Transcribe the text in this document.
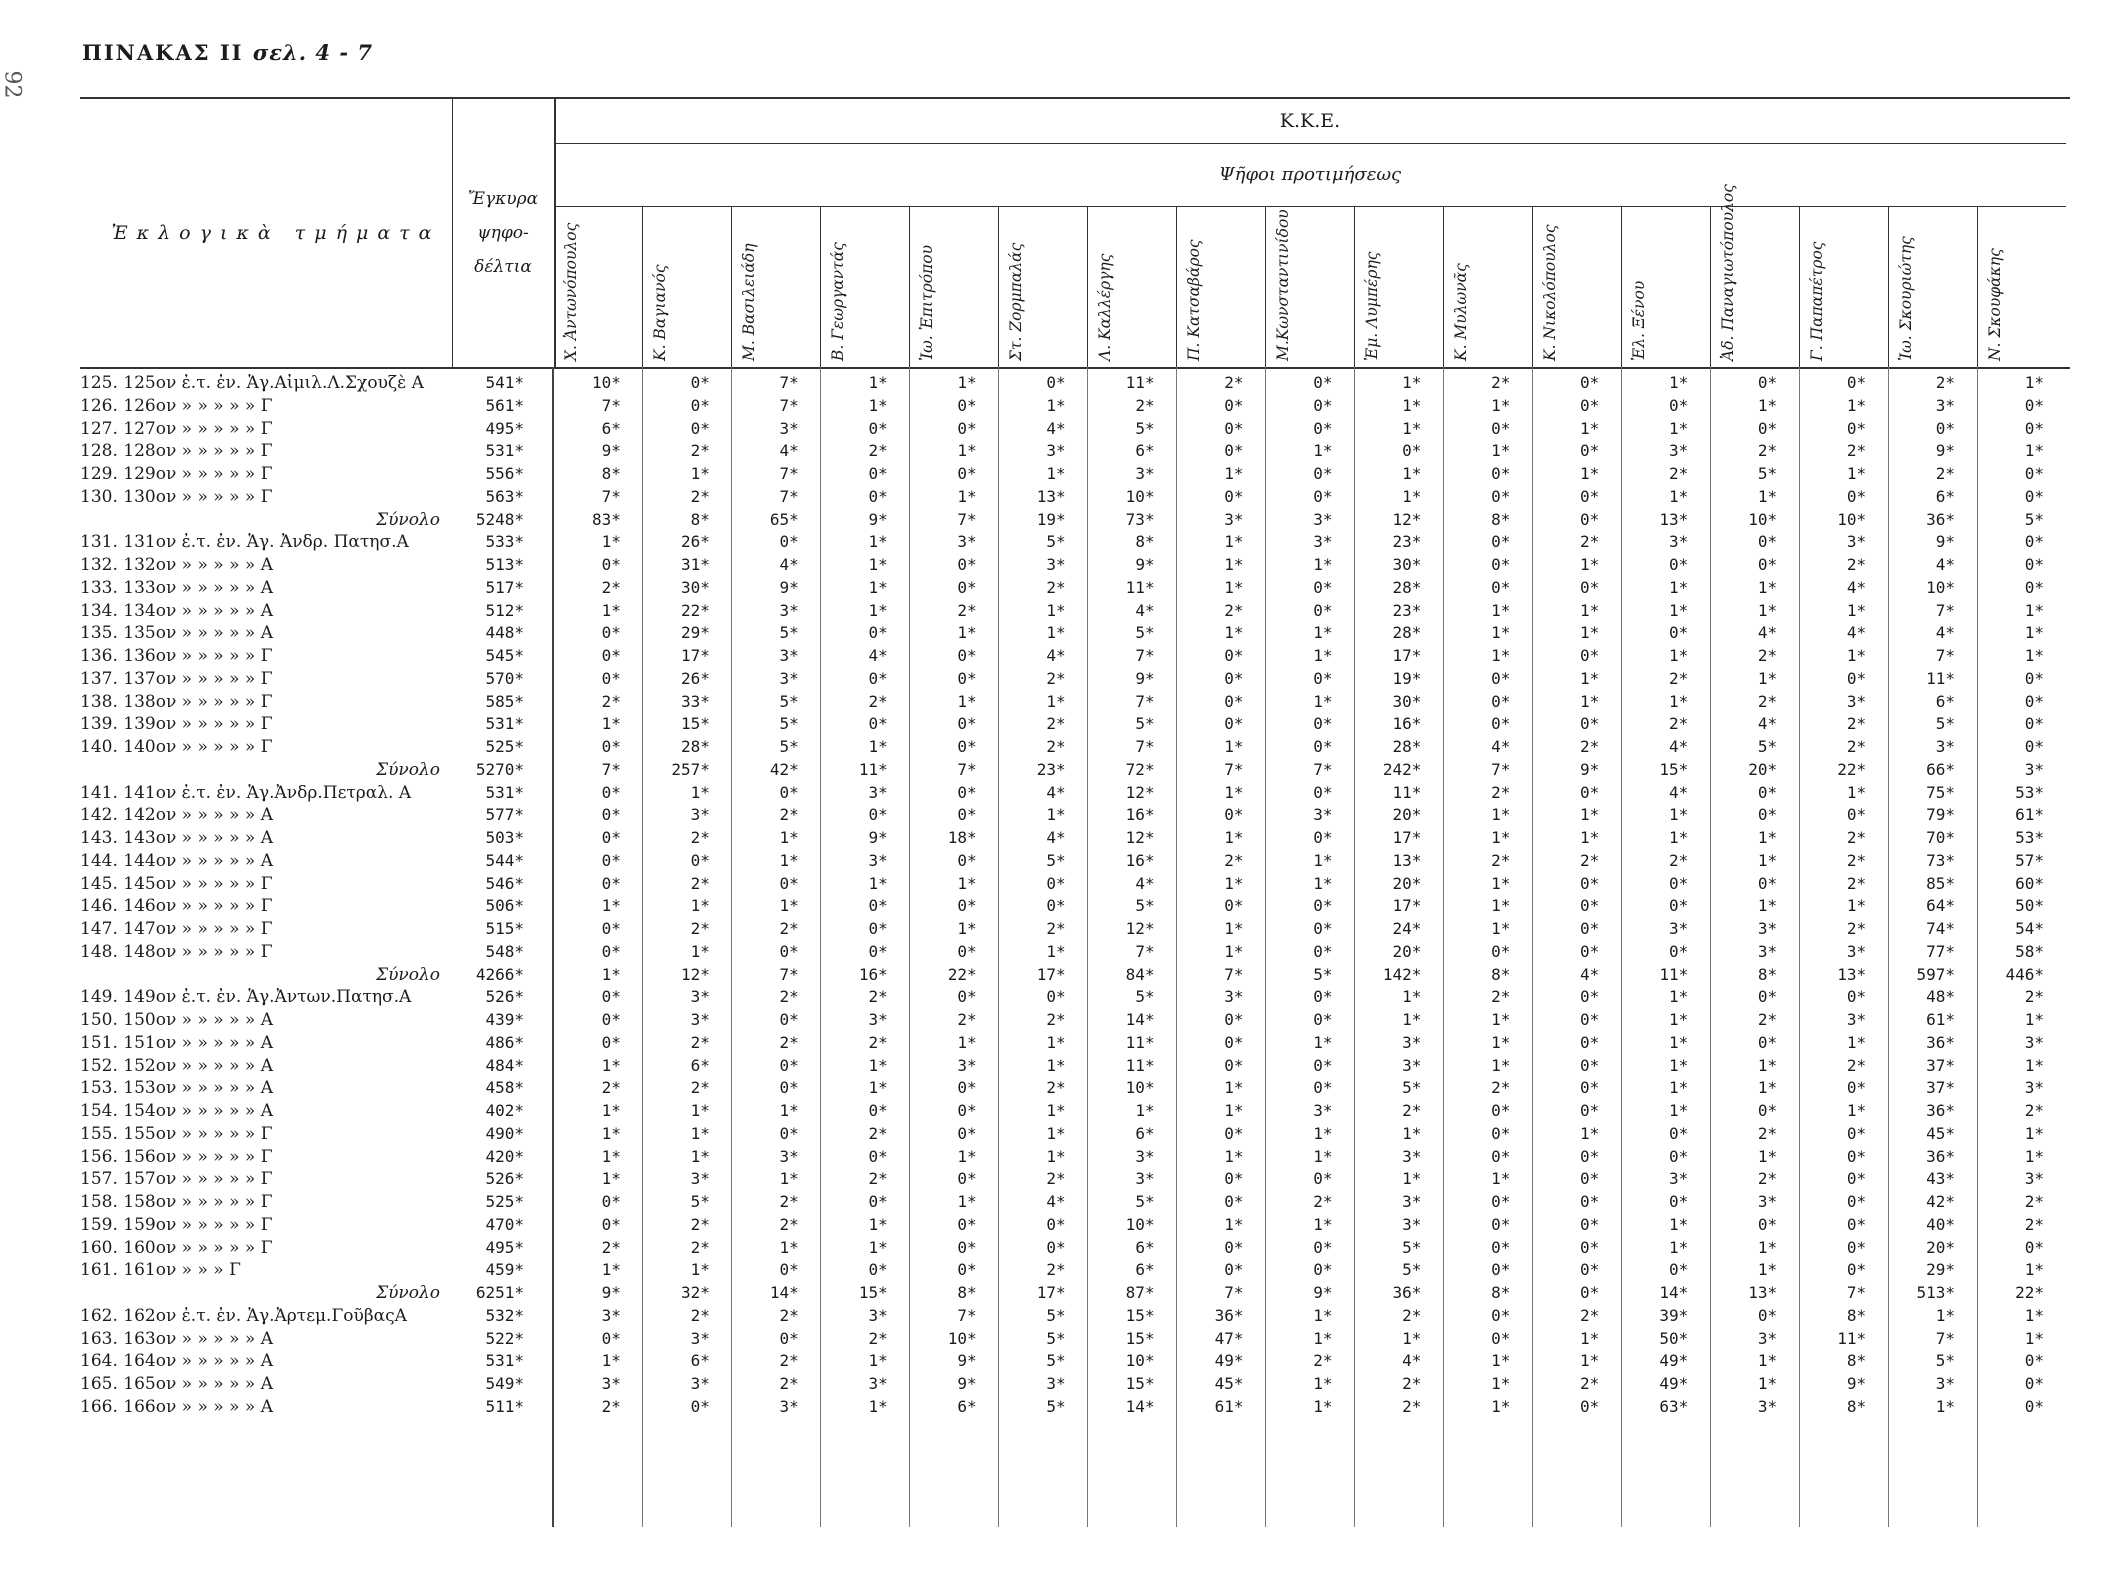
92
ΠΙΝΑΚΑΣ ΙΙ σελ. 4 - 7
Ἐκλογικὰ τμήματα
Ἔγκυρα
ψηφο-
δέλτια
Κ.Κ.Ε.
Ψῆφοι προτιμήσεως
Χ. Ἀντωνόπουλος	Κ. Βαγιανός	Μ. Βασιλειάδη	Β. Γεωργαντάς	Ἰω. Ἐπιτρόπου	Στ. Ζορμπαλάς	Λ. Καλλέργης	Π. Κατσαβάρος	Μ.Κωνσταντινίδου	Ἐμ. Λυμπέρης	Κ. Μυλωνᾶς	Κ. Νικολόπουλος	Ἐλ. Ξένου	Ἀδ. Παναγιωτόπουλος	Γ. Παπαπέτρος	Ἰω. Σκουριώτης	Ν. Σκουφάκης
125. 125ον ἐ.τ. ἐν. Ἁγ.Αἰμιλ.Λ.Σχουζὲ Α	541*	10*	0*	7*	1*	1*	0*	11*	2*	0*	1*	2*	0*	1*	0*	0*	2*	1*
126. 126ον » » » » » Γ	561*	7*	0*	7*	1*	0*	1*	2*	0*	0*	1*	1*	0*	0*	1*	1*	3*	0*
127. 127ον » » » » » Γ	495*	6*	0*	3*	0*	0*	4*	5*	0*	0*	1*	0*	1*	1*	0*	0*	0*	0*
128. 128ον » » » » » Γ	531*	9*	2*	4*	2*	1*	3*	6*	0*	1*	0*	1*	0*	3*	2*	2*	9*	1*
129. 129ον » » » » » Γ	556*	8*	1*	7*	0*	0*	1*	3*	1*	0*	1*	0*	1*	2*	5*	1*	2*	0*
130. 130ον » » » » » Γ	563*	7*	2*	7*	0*	1*	13*	10*	0*	0*	1*	0*	0*	1*	1*	0*	6*	0*
Σύνολο	5248*	83*	8*	65*	9*	7*	19*	73*	3*	3*	12*	8*	0*	13*	10*	10*	36*	5*
131. 131ον ἐ.τ. ἐν. Ἁγ. Ἀνδρ. Πατησ.Α	533*	1*	26*	0*	1*	3*	5*	8*	1*	3*	23*	0*	2*	3*	0*	3*	9*	0*
132. 132ον » » » » » Α	513*	0*	31*	4*	1*	0*	3*	9*	1*	1*	30*	0*	1*	0*	0*	2*	4*	0*
133. 133ον » » » » » Α	517*	2*	30*	9*	1*	0*	2*	11*	1*	0*	28*	0*	0*	1*	1*	4*	10*	0*
134. 134ον » » » » » Α	512*	1*	22*	3*	1*	2*	1*	4*	2*	0*	23*	1*	1*	1*	1*	1*	7*	1*
135. 135ον » » » » » Α	448*	0*	29*	5*	0*	1*	1*	5*	1*	1*	28*	1*	1*	0*	4*	4*	4*	1*
136. 136ον » » » » » Γ	545*	0*	17*	3*	4*	0*	4*	7*	0*	1*	17*	1*	0*	1*	2*	1*	7*	1*
137. 137ον » » » » » Γ	570*	0*	26*	3*	0*	0*	2*	9*	0*	0*	19*	0*	1*	2*	1*	0*	11*	0*
138. 138ον » » » » » Γ	585*	2*	33*	5*	2*	1*	1*	7*	0*	1*	30*	0*	1*	1*	2*	3*	6*	0*
139. 139ον » » » » » Γ	531*	1*	15*	5*	0*	0*	2*	5*	0*	0*	16*	0*	0*	2*	4*	2*	5*	0*
140. 140ον » » » » » Γ	525*	0*	28*	5*	1*	0*	2*	7*	1*	0*	28*	4*	2*	4*	5*	2*	3*	0*
Σύνολο	5270*	7*	257*	42*	11*	7*	23*	72*	7*	7*	242*	7*	9*	15*	20*	22*	66*	3*
141. 141ον ἐ.τ. ἐν. Ἁγ.Ἀνδρ.Πετραλ. Α	531*	0*	1*	0*	3*	0*	4*	12*	1*	0*	11*	2*	0*	4*	0*	1*	75*	53*
142. 142ον » » » » » Α	577*	0*	3*	2*	0*	0*	1*	16*	0*	3*	20*	1*	1*	1*	0*	0*	79*	61*
143. 143ον » » » » » Α	503*	0*	2*	1*	9*	18*	4*	12*	1*	0*	17*	1*	1*	1*	1*	2*	70*	53*
144. 144ον » » » » » Α	544*	0*	0*	1*	3*	0*	5*	16*	2*	1*	13*	2*	2*	2*	1*	2*	73*	57*
145. 145ον » » » » » Γ	546*	0*	2*	0*	1*	1*	0*	4*	1*	1*	20*	1*	0*	0*	0*	2*	85*	60*
146. 146ον » » » » » Γ	506*	1*	1*	1*	0*	0*	0*	5*	0*	0*	17*	1*	0*	0*	1*	1*	64*	50*
147. 147ον » » » » » Γ	515*	0*	2*	2*	0*	1*	2*	12*	1*	0*	24*	1*	0*	3*	3*	2*	74*	54*
148. 148ον » » » » » Γ	548*	0*	1*	0*	0*	0*	1*	7*	1*	0*	20*	0*	0*	0*	3*	3*	77*	58*
Σύνολο	4266*	1*	12*	7*	16*	22*	17*	84*	7*	5*	142*	8*	4*	11*	8*	13*	597*	446*
149. 149ον ἐ.τ. ἐν. Ἁγ.Ἀντων.Πατησ.Α	526*	0*	3*	2*	2*	0*	0*	5*	3*	0*	1*	2*	0*	1*	0*	0*	48*	2*
150. 150ον » » » » » Α	439*	0*	3*	0*	3*	2*	2*	14*	0*	0*	1*	1*	0*	1*	2*	3*	61*	1*
151. 151ον » » » » » Α	486*	0*	2*	2*	2*	1*	1*	11*	0*	1*	3*	1*	0*	1*	0*	1*	36*	3*
152. 152ον » » » » » Α	484*	1*	6*	0*	1*	3*	1*	11*	0*	0*	3*	1*	0*	1*	1*	2*	37*	1*
153. 153ον » » » » » Α	458*	2*	2*	0*	1*	0*	2*	10*	1*	0*	5*	2*	0*	1*	1*	0*	37*	3*
154. 154ον » » » » » Α	402*	1*	1*	1*	0*	0*	1*	1*	1*	3*	2*	0*	0*	1*	0*	1*	36*	2*
155. 155ον » » » » » Γ	490*	1*	1*	0*	2*	0*	1*	6*	0*	1*	1*	0*	1*	0*	2*	0*	45*	1*
156. 156ον » » » » » Γ	420*	1*	1*	3*	0*	1*	1*	3*	1*	1*	3*	0*	0*	0*	1*	0*	36*	1*
157. 157ον » » » » » Γ	526*	1*	3*	1*	2*	0*	2*	3*	0*	0*	1*	1*	0*	3*	2*	0*	43*	3*
158. 158ον » » » » » Γ	525*	0*	5*	2*	0*	1*	4*	5*	0*	2*	3*	0*	0*	0*	3*	0*	42*	2*
159. 159ον » » » » » Γ	470*	0*	2*	2*	1*	0*	0*	10*	1*	1*	3*	0*	0*	1*	0*	0*	40*	2*
160. 160ον » » » » » Γ	495*	2*	2*	1*	1*	0*	0*	6*	0*	0*	5*	0*	0*	1*	1*	0*	20*	0*
161. 161ον » » » Γ	459*	1*	1*	0*	0*	0*	2*	6*	0*	0*	5*	0*	0*	0*	1*	0*	29*	1*
Σύνολο	6251*	9*	32*	14*	15*	8*	17*	87*	7*	9*	36*	8*	0*	14*	13*	7*	513*	22*
162. 162ον ἐ.τ. ἐν. Ἁγ.Ἀρτεμ.ΓοῦβαςΑ	532*	3*	2*	2*	3*	7*	5*	15*	36*	1*	2*	0*	2*	39*	0*	8*	1*	1*
163. 163ον » » » » » Α	522*	0*	3*	0*	2*	10*	5*	15*	47*	1*	1*	0*	1*	50*	3*	11*	7*	1*
164. 164ον » » » » » Α	531*	1*	6*	2*	1*	9*	5*	10*	49*	2*	4*	1*	1*	49*	1*	8*	5*	0*
165. 165ον » » » » » Α	549*	3*	3*	2*	3*	9*	3*	15*	45*	1*	2*	1*	2*	49*	1*	9*	3*	0*
166. 166ον » » » » » Α	511*	2*	0*	3*	1*	6*	5*	14*	61*	1*	2*	1*	0*	63*	3*	8*	1*	0*
